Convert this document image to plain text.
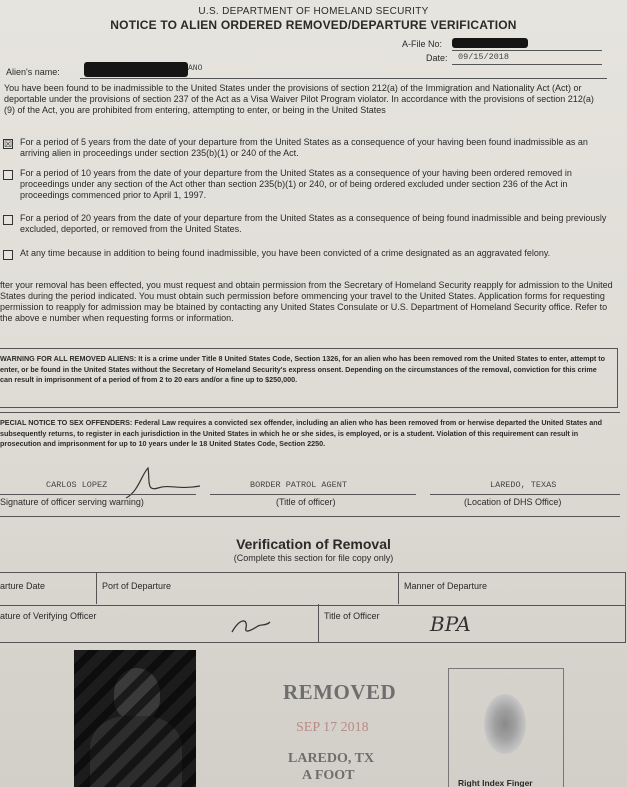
U.S. DEPARTMENT OF HOMELAND SECURITY
NOTICE TO ALIEN ORDERED REMOVED/DEPARTURE VERIFICATION
A-File No:
Date: 09/15/2018
Alien's name:	ANO
You have been found to be inadmissible to the United States under the provisions of section 212(a) of the Immigration and Nationality Act (Act) or deportable under the provisions of section 237 of the Act as a Visa Waiver Pilot Program violator. In accordance with the provisions of section 212(a)(9) of the Act, you are prohibited from entering, attempting to enter, or being in the United States
☒ For a period of 5 years from the date of your departure from the United States as a consequence of your having been found inadmissible as an arriving alien in proceedings under section 235(b)(1) or 240 of the Act.
For a period of 10 years from the date of your departure from the United States as a consequence of your having been ordered removed in proceedings under any section of the Act other than section 235(b)(1) or 240, or of being ordered excluded under section 236 of the Act in proceedings commenced prior to April 1, 1997.
For a period of 20 years from the date of your departure from the United States as a consequence of being found inadmissible and being previously excluded, deported, or removed from the United States.
At any time because in addition to being found inadmissible, you have been convicted of a crime designated as an aggravated felony.
fter your removal has been effected, you must request and obtain permission from the Secretary of Homeland Security reapply for admission to the United States during the period indicated. You must obtain such permission before ommencing your travel to the United States. Application forms for requesting permission to reapply for admission may be btained by contacting any United States Consulate or U.S. Department of Homeland Security office. Refer to the above e number when requesting forms or information.
WARNING FOR ALL REMOVED ALIENS: It is a crime under Title 8 United States Code, Section 1326, for an alien who has been removed rom the United States to enter, attempt to enter, or be found in the United States without the Secretary of Homeland Security's express onsent. Depending on the circumstances of the removal, conviction for this crime can result in imprisonment of a period of from 2 to 20 ears and/or a fine up to $250,000.
PECIAL NOTICE TO SEX OFFENDERS: Federal Law requires a convicted sex offender, including an alien who has been removed from or herwise departed the United States and subsequently returns, to register in each jurisdiction in the United States in which he or she sides, is employed, or is a student. Violation of this requirement can result in prosecution and imprisonment for up to 10 years under le 18 United States Code, Section 2250.
CARLOS LOPEZ
Signature of officer serving warning)
BORDER PATROL AGENT
(Title of officer)
LAREDO, TEXAS
(Location of DHS Office)
Verification of Removal
(Complete this section for file copy only)
arture Date	Port of Departure	Manner of Departure
ature of Verifying Officer	Title of Officer	BPA
REMOVED
SEP 17 2018
LAREDO, TX
A FOOT	Right Index Finger
